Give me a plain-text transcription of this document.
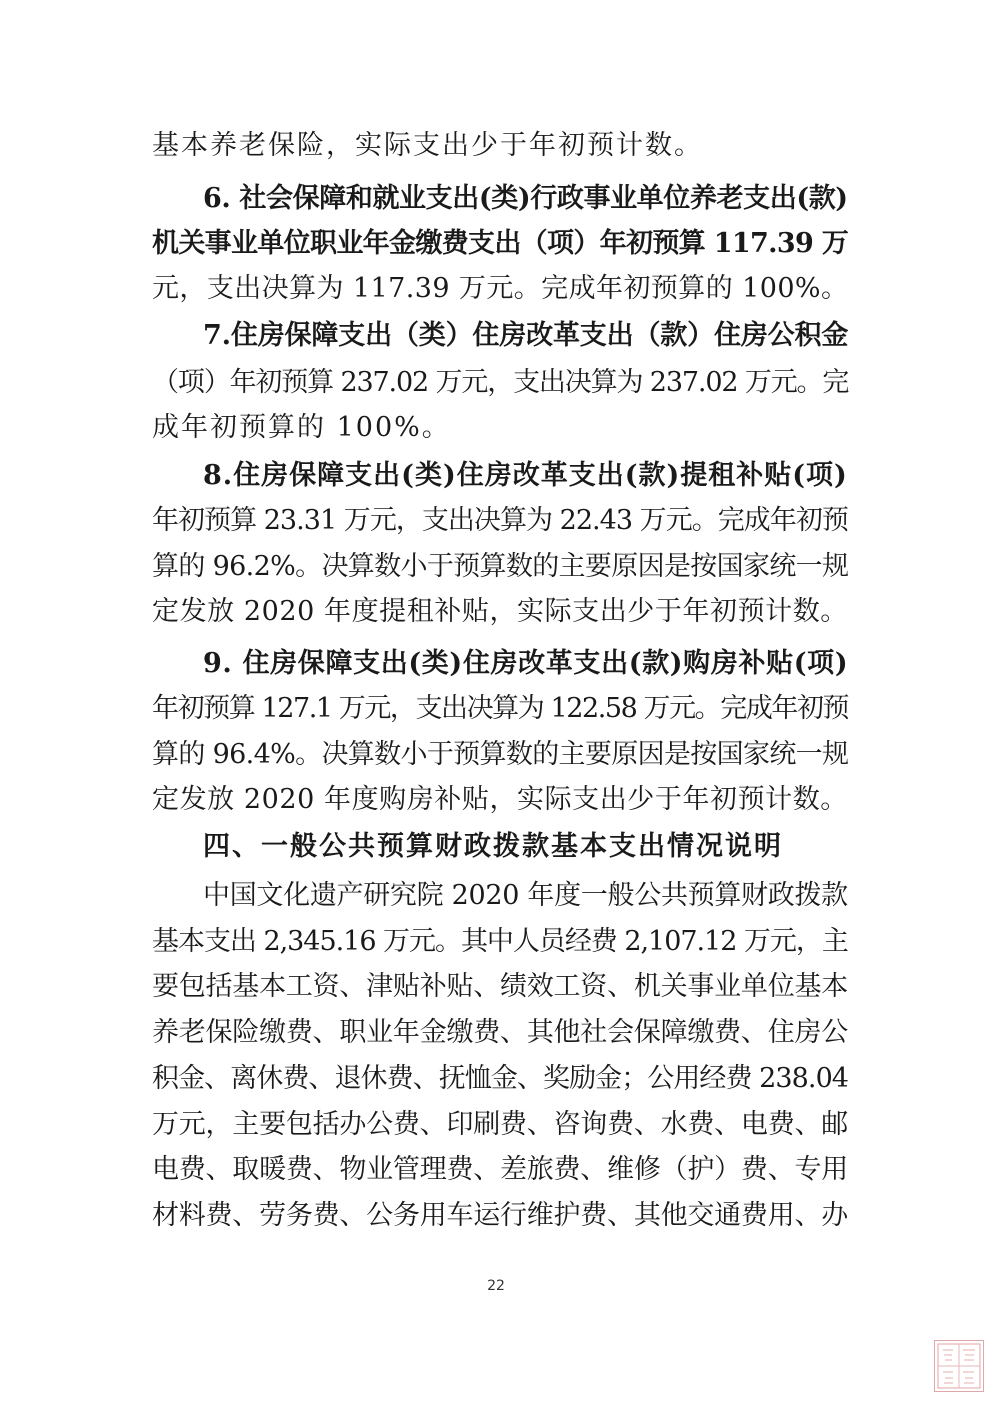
基本养老保险，实际支出少于年初预计数。
6. 社会保障和就业支出(类)行政事业单位养老支出(款)
机关事业单位职业年金缴费支出（项）年初预算 117.39 万
元，支出决算为 117.39 万元。完成年初预算的 100%。
7.住房保障支出（类）住房改革支出（款）住房公积金
（项）年初预算 237.02 万元，支出决算为 237.02 万元。完
成年初预算的 100%。
8.住房保障支出(类)住房改革支出(款)提租补贴(项)
年初预算 23.31 万元，支出决算为 22.43 万元。完成年初预
算的 96.2%。决算数小于预算数的主要原因是按国家统一规
定发放 2020 年度提租补贴，实际支出少于年初预计数。
9. 住房保障支出(类)住房改革支出(款)购房补贴(项)
年初预算 127.1 万元，支出决算为 122.58 万元。完成年初预
算的 96.4%。决算数小于预算数的主要原因是按国家统一规
定发放 2020 年度购房补贴，实际支出少于年初预计数。
四、一般公共预算财政拨款基本支出情况说明
中国文化遗产研究院 2020 年度一般公共预算财政拨款
基本支出 2,345.16 万元。其中人员经费 2,107.12 万元，主
要包括基本工资、津贴补贴、绩效工资、机关事业单位基本
养老保险缴费、职业年金缴费、其他社会保障缴费、住房公
积金、离休费、退休费、抚恤金、奖励金；公用经费 238.04
万元，主要包括办公费、印刷费、咨询费、水费、电费、邮
电费、取暖费、物业管理费、差旅费、维修（护）费、专用
材料费、劳务费、公务用车运行维护费、其他交通费用、办
22
